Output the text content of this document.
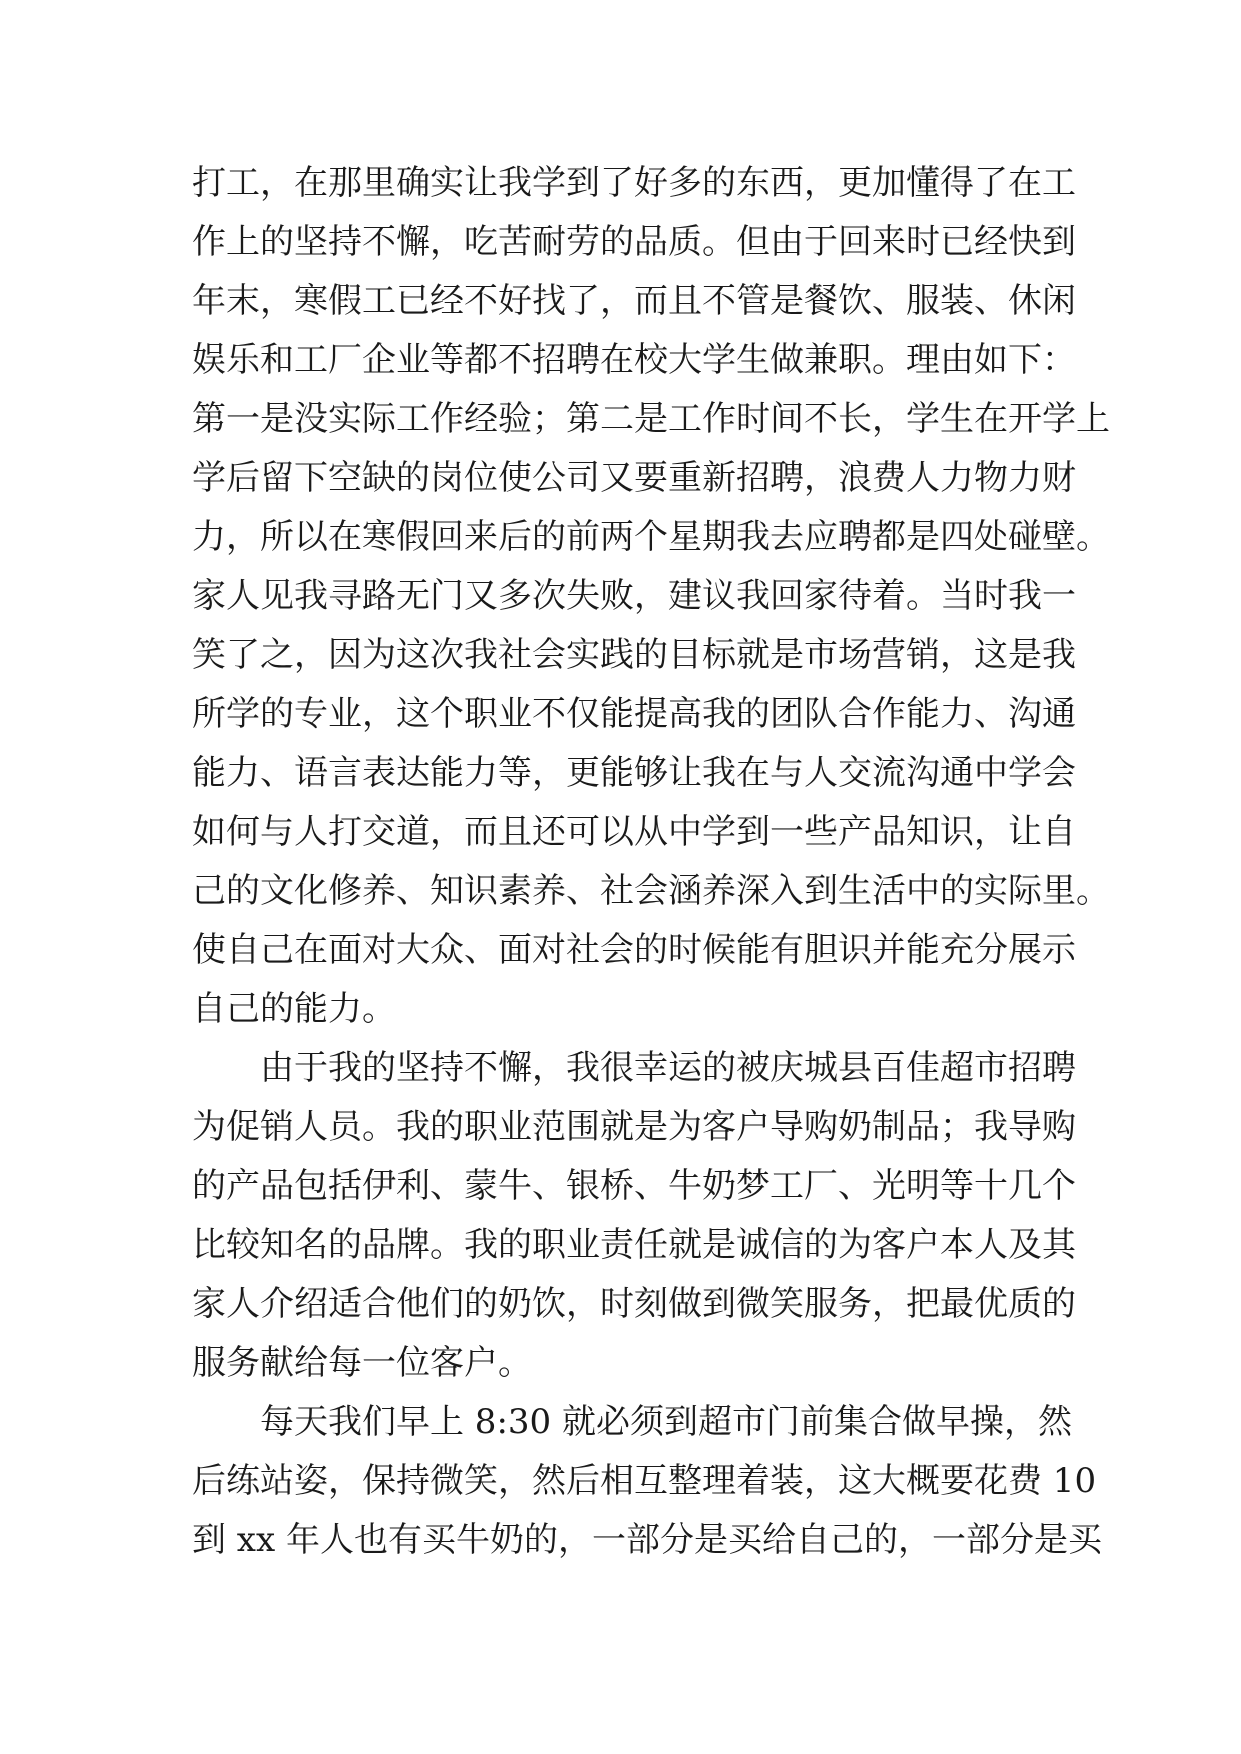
打工，在那里确实让我学到了好多的东西，更加懂得了在工
作上的坚持不懈，吃苦耐劳的品质。但由于回来时已经快到
年末，寒假工已经不好找了，而且不管是餐饮、服装、休闲
娱乐和工厂企业等都不招聘在校大学生做兼职。理由如下：
第一是没实际工作经验；第二是工作时间不长，学生在开学上
学后留下空缺的岗位使公司又要重新招聘，浪费人力物力财
力，所以在寒假回来后的前两个星期我去应聘都是四处碰壁。
家人见我寻路无门又多次失败，建议我回家待着。当时我一
笑了之，因为这次我社会实践的目标就是市场营销，这是我
所学的专业，这个职业不仅能提高我的团队合作能力、沟通
能力、语言表达能力等，更能够让我在与人交流沟通中学会
如何与人打交道，而且还可以从中学到一些产品知识，让自
己的文化修养、知识素养、社会涵养深入到生活中的实际里。
使自己在面对大众、面对社会的时候能有胆识并能充分展示
自己的能力。
由于我的坚持不懈，我很幸运的被庆城县百佳超市招聘
为促销人员。我的职业范围就是为客户导购奶制品；我导购
的产品包括伊利、蒙牛、银桥、牛奶梦工厂、光明等十几个
比较知名的品牌。我的职业责任就是诚信的为客户本人及其
家人介绍适合他们的奶饮，时刻做到微笑服务，把最优质的
服务献给每一位客户。
每天我们早上 8:30 就必须到超市门前集合做早操，然
后练站姿，保持微笑，然后相互整理着装，这大概要花费 10
到 xx 年人也有买牛奶的，一部分是买给自己的，一部分是买
